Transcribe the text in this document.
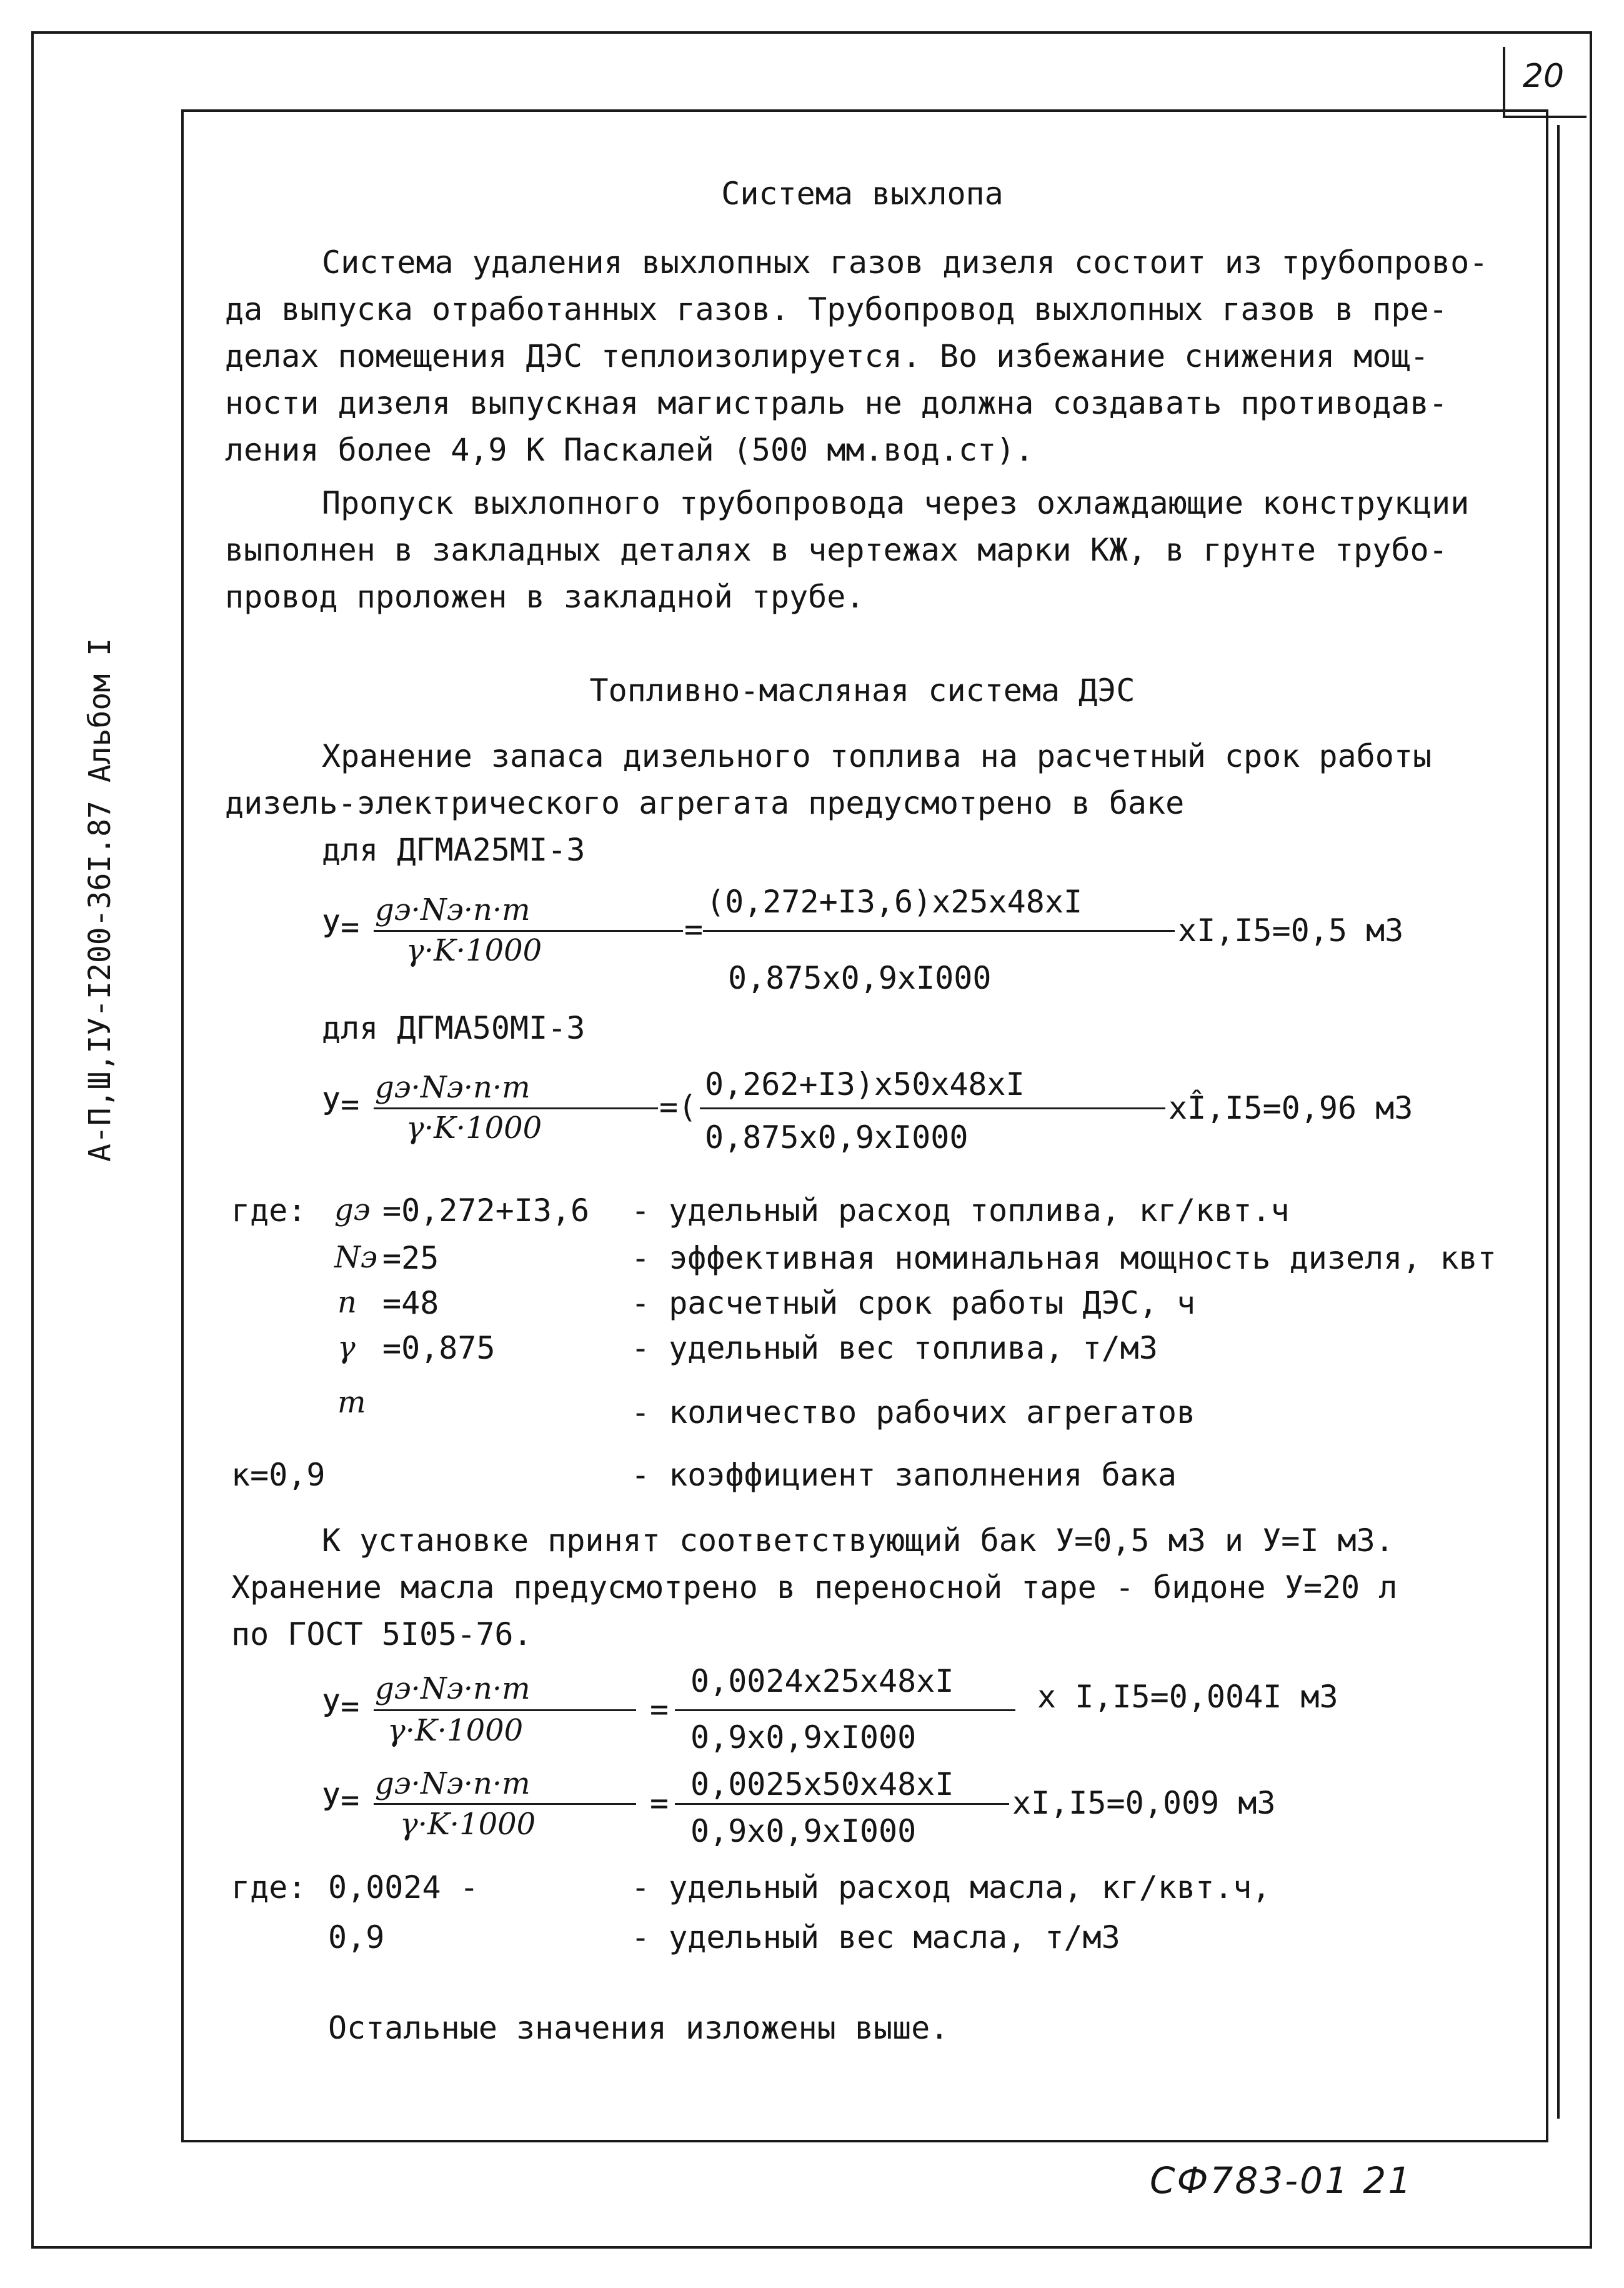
20
А-П,Ш,IУ-I200-36I.87 Альбом I
Система выхлопа
Система удаления выхлопных газов дизеля состоит из трубопрово-
да выпуска отработанных газов. Трубопровод выхлопных газов в пре-
делах помещения ДЭС теплоизолируется. Во избежание снижения мощ-
ности дизеля выпускная магистраль не должна создавать противодав-
ления более 4,9 К Паскалей (500 мм.вод.ст).
Пропуск выхлопного трубопровода через охлаждающие конструкции
выполнен в закладных деталях в чертежах марки КЖ, в грунте трубо-
провод проложен в закладной трубе.
Топливно-масляная система ДЭС
Хранение запаса дизельного топлива на расчетный срок работы
дизель-электрического агрегата предусмотрено в баке
для ДГМА25МI-3
У= gэ·Nэ·n·m
γ·K·1000
=
(0,272+I3,6)x25x48xI
0,875x0,9xI000
xI,I5=0,5 м3
для ДГМА50МI-3
У= gэ·Nэ·n·m
γ·K·1000
=(
0,262+I3)x50x48xI
0,875x0,9xI000
xÎ,I5=0,96 м3
где: gэ =0,272+I3,6 - удельный расход топлива, кг/квт.ч
Nэ =25	- эффективная номинальная мощность дизеля, квт
n =48	- расчетный срок работы ДЭС, ч
γ =0,875	- удельный вес топлива, т/м3
m	- количество рабочих агрегатов
к=0,9	- коэффициент заполнения бака
К установке принят соответствующий бак У=0,5 м3 и У=I м3.
Хранение масла предусмотрено в переносной таре - бидоне У=20 л
по ГОСТ 5I05-76.
У= gэ·Nэ·n·m
γ·K·1000
=
0,0024x25x48xI
0,9x0,9xI000
x I,I5=0,004I м3
У= gэ·Nэ·n·m
γ·K·1000
=
0,0025x50x48xI
0,9x0,9xI000
xI,I5=0,009 м3
где: 0,0024 -	- удельный расход масла, кг/квт.ч,
0,9	- удельный вес масла, т/м3
Остальные значения изложены выше.
СФ783-01 21
